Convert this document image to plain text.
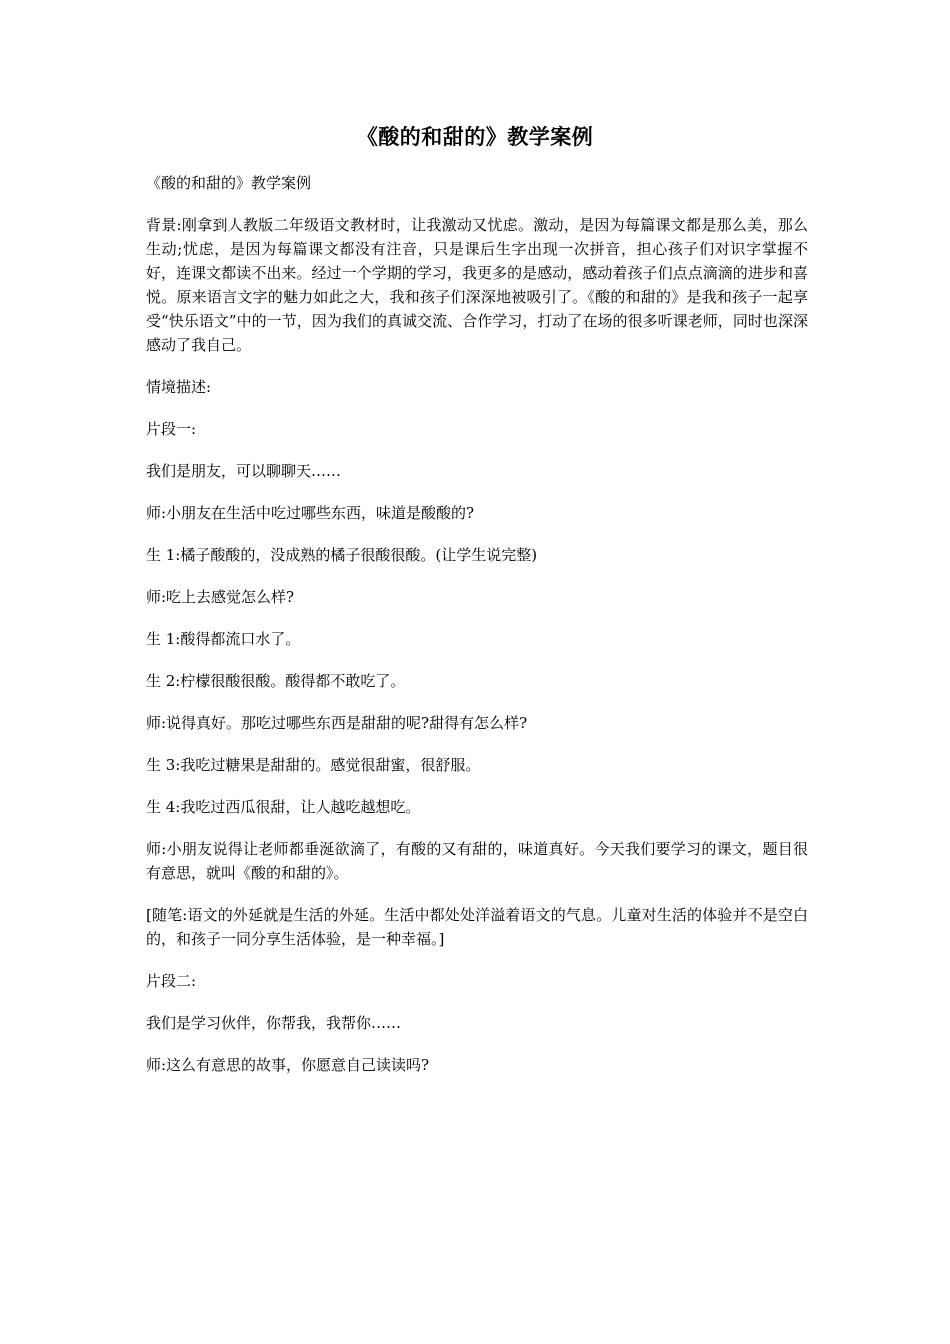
《酸的和甜的》教学案例

《酸的和甜的》教学案例

背景:刚拿到人教版二年级语文教材时，让我激动又忧虑。激动，是因为每篇课文都是那么美，那么生动;忧虑，是因为每篇课文都没有注音，只是课后生字出现一次拼音，担心孩子们对识字掌握不好，连课文都读不出来。经过一个学期的学习，我更多的是感动，感动着孩子们点点滴滴的进步和喜悦。原来语言文字的魅力如此之大，我和孩子们深深地被吸引了。《酸的和甜的》是我和孩子一起享受“快乐语文”中的一节，因为我们的真诚交流、合作学习，打动了在场的很多听课老师，同时也深深感动了我自己。

情境描述:

片段一:

我们是朋友，可以聊聊天……

师:小朋友在生活中吃过哪些东西，味道是酸酸的?

生 1:橘子酸酸的，没成熟的橘子很酸很酸。(让学生说完整)

师:吃上去感觉怎么样?

生 1:酸得都流口水了。

生 2:柠檬很酸很酸。酸得都不敢吃了。

师:说得真好。那吃过哪些东西是甜甜的呢?甜得有怎么样?

生 3:我吃过糖果是甜甜的。感觉很甜蜜，很舒服。

生 4:我吃过西瓜很甜，让人越吃越想吃。

师:小朋友说得让老师都垂涎欲滴了，有酸的又有甜的，味道真好。今天我们要学习的课文，题目很有意思，就叫《酸的和甜的》。

[随笔:语文的外延就是生活的外延。生活中都处处洋溢着语文的气息。儿童对生活的体验并不是空白的，和孩子一同分享生活体验，是一种幸福。]

片段二:

我们是学习伙伴，你帮我，我帮你……

师:这么有意思的故事，你愿意自己读读吗?
